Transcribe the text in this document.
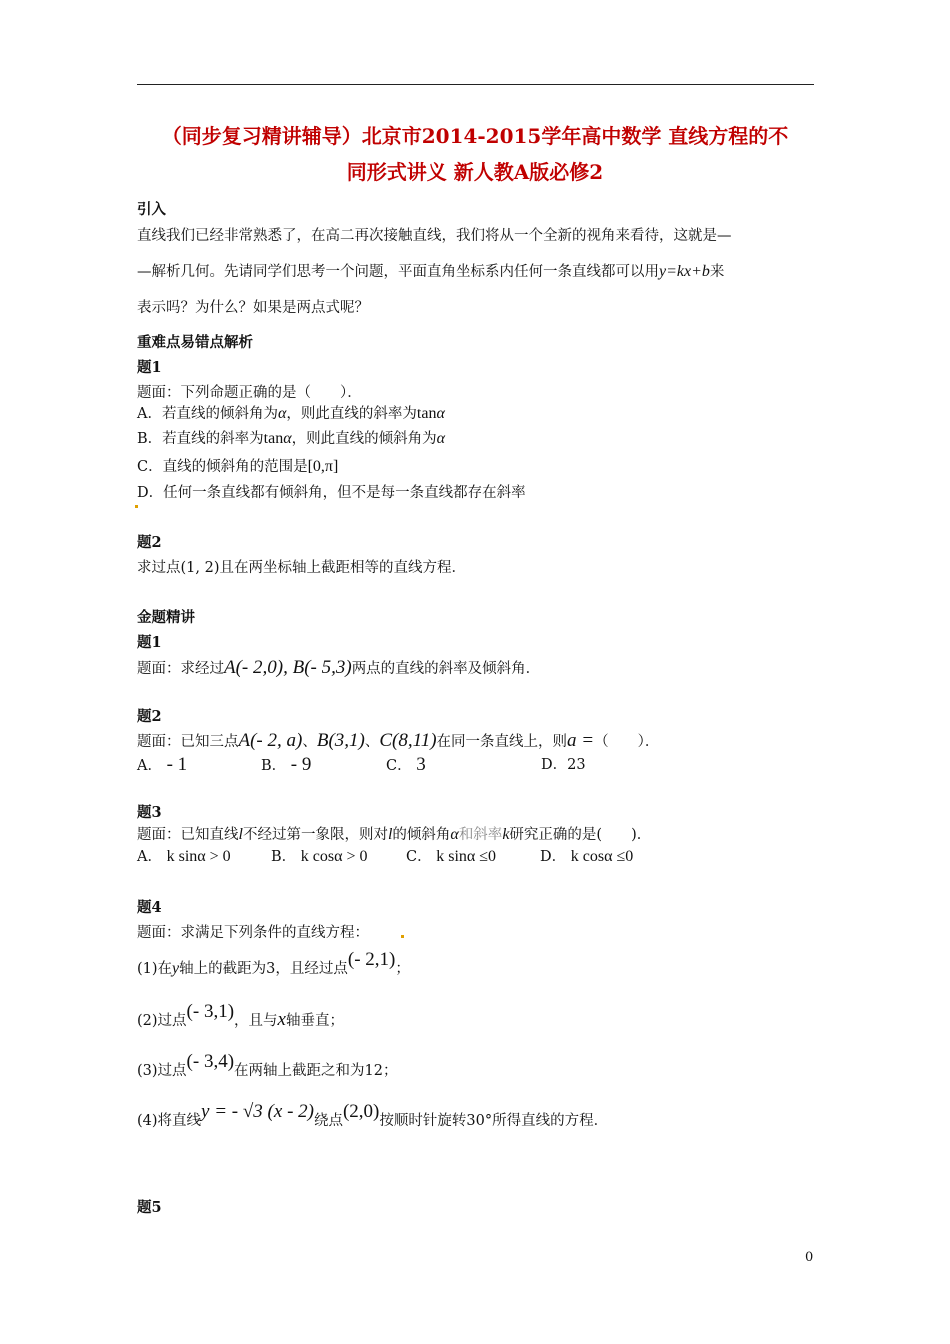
（同步复习精讲辅导）北京市2014-2015学年高中数学 直线方程的不
同形式讲义 新人教A版必修2
引入
直线我们已经非常熟悉了，在高二再次接触直线，我们将从一个全新的视角来看待，这就是—
—解析几何。先请同学们思考一个问题，平面直角坐标系内任何一条直线都可以用y=kx+b来
表示吗？为什么？如果是两点式呢？
重难点易错点解析
题1
题面：下列命题正确的是（　　）．
A．若直线的倾斜角为α，则此直线的斜率为tanα
B．若直线的斜率为tanα，则此直线的倾斜角为α
C．直线的倾斜角的范围是[0,π]
D．任何一条直线都有倾斜角，但不是每一条直线都存在斜率
题2
求过点(1, 2)且在两坐标轴上截距相等的直线方程．
金题精讲
题1
题面：求经过A(- 2,0), B(- 5,3)两点的直线的斜率及倾斜角．
题2
题面：已知三点A(- 2, a)、B(3,1)、C(8,11)在同一条直线上，则a =（　　）．
A． - 1	B． - 9	C． 3	D．23
题3
题面：已知直线l不经过第一象限，则对l的倾斜角α和斜率k研究正确的是(　　)．
A． k sinα > 0	B． k cosα > 0	C． k sinα ≤0	D． k cosα ≤0
题4
题面：求满足下列条件的直线方程：
(1)在y轴上的截距为3，且经过点(- 2,1)；
(2)过点(- 3,1)，且与x轴垂直；
(3)过点(- 3,4)在两轴上截距之和为12；
(4)将直线y = - √3 (x - 2)绕点(2,0)按顺时针旋转30°所得直线的方程．
题5
0
